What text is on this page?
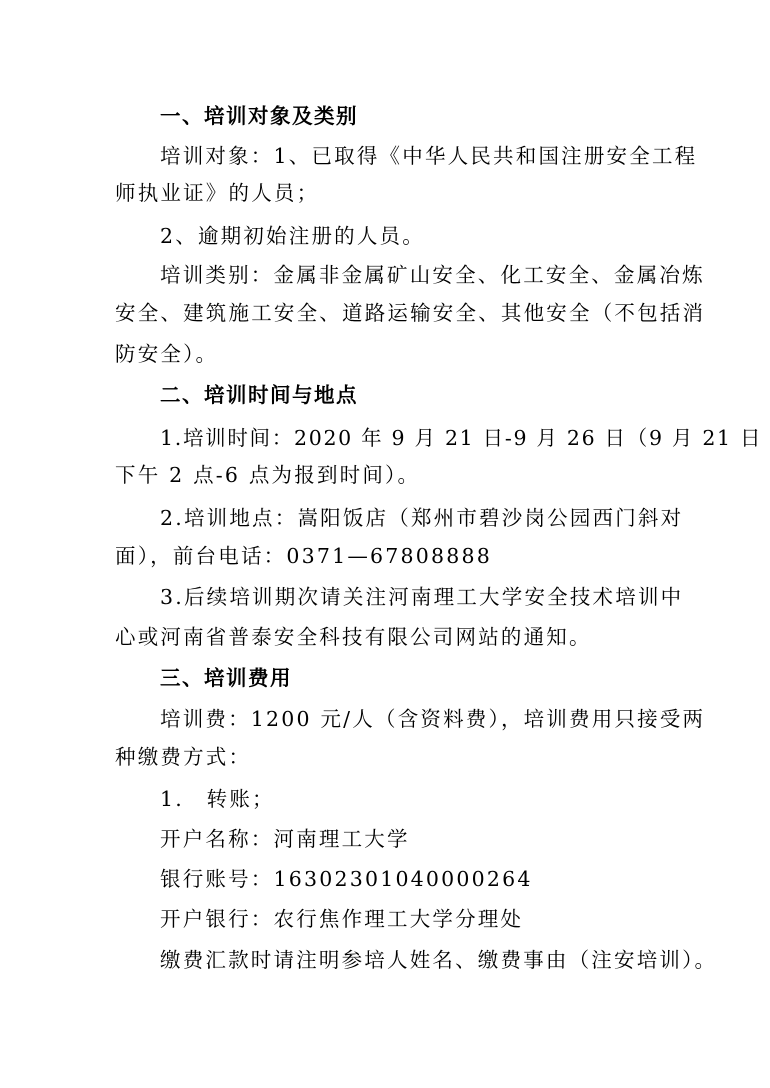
一、培训对象及类别
培训对象：1、已取得《中华人民共和国注册安全工程
师执业证》的人员；
2、逾期初始注册的人员。
培训类别：金属非金属矿山安全、化工安全、金属冶炼
安全、建筑施工安全、道路运输安全、其他安全（不包括消
防安全）。
二、培训时间与地点
1.培训时间：2020 年 9 月 21 日-9 月 26 日（9 月 21 日
下午 2 点-6 点为报到时间）。
2.培训地点：嵩阳饭店（郑州市碧沙岗公园西门斜对
面），前台电话：0371—67808888
3.后续培训期次请关注河南理工大学安全技术培训中
心或河南省普泰安全科技有限公司网站的通知。
三、培训费用
培训费：1200 元/人（含资料费），培训费用只接受两
种缴费方式：
1.　转账；
开户名称：河南理工大学
银行账号：16302301040000264
开户银行：农行焦作理工大学分理处
缴费汇款时请注明参培人姓名、缴费事由（注安培训）。
